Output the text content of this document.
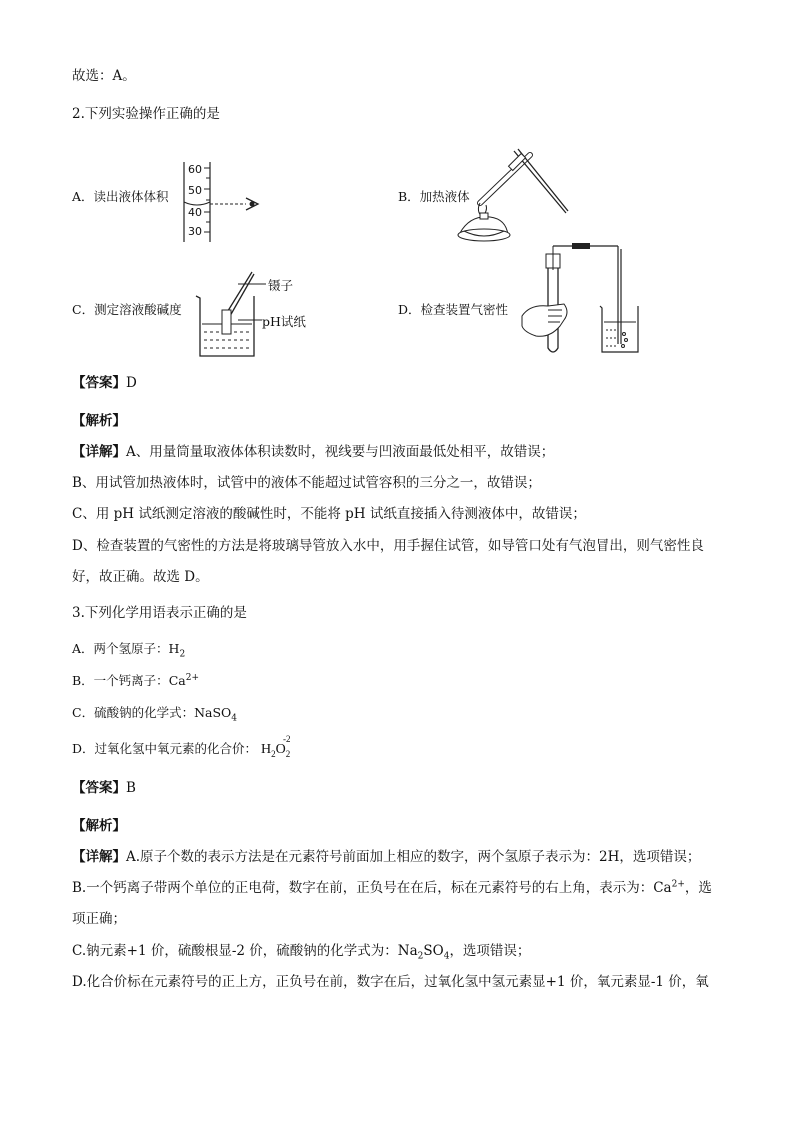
故选：A。
2.下列实验操作正确的是
A．读出液体体积	B．加热液体
C．测定溶液酸碱度	D．检查装置气密性
60
50
40
30
镊子
pH试纸
【答案】D
【解析】
【详解】A、用量筒量取液体体积读数时，视线要与凹液面最低处相平，故错误；
B、用试管加热液体时，试管中的液体不能超过试管容积的三分之一，故错误；
C、用 pH 试纸测定溶液的酸碱性时，不能将 pH 试纸直接插入待测液体中，故错误；
D、检查装置的气密性的方法是将玻璃导管放入水中，用手握住试管，如导管口处有气泡冒出，则气密性良
好，故正确。故选 D。
3.下列化学用语表示正确的是
A．两个氢原子：$H_2$
B．一个钙离子：$Ca^{2+}$
C．硫酸钠的化学式：NaSO$_4$
D．过氧化氢中氧元素的化合价： $H_2O_2$
-2
【答案】B
【解析】
【详解】A.原子个数的表示方法是在元素符号前面加上相应的数字，两个氢原子表示为：2H，选项错误；
B.一个钙离子带两个单位的正电荷，数字在前，正负号在在后，标在元素符号的右上角，表示为：$Ca^{2+}$，选
项正确；
C.钠元素+1 价，硫酸根显-2 价，硫酸钠的化学式为：$Na_2SO_4$，选项错误；
D.化合价标在元素符号的正上方，正负号在前，数字在后，过氧化氢中氢元素显+1 价，氧元素显-1 价，氧
